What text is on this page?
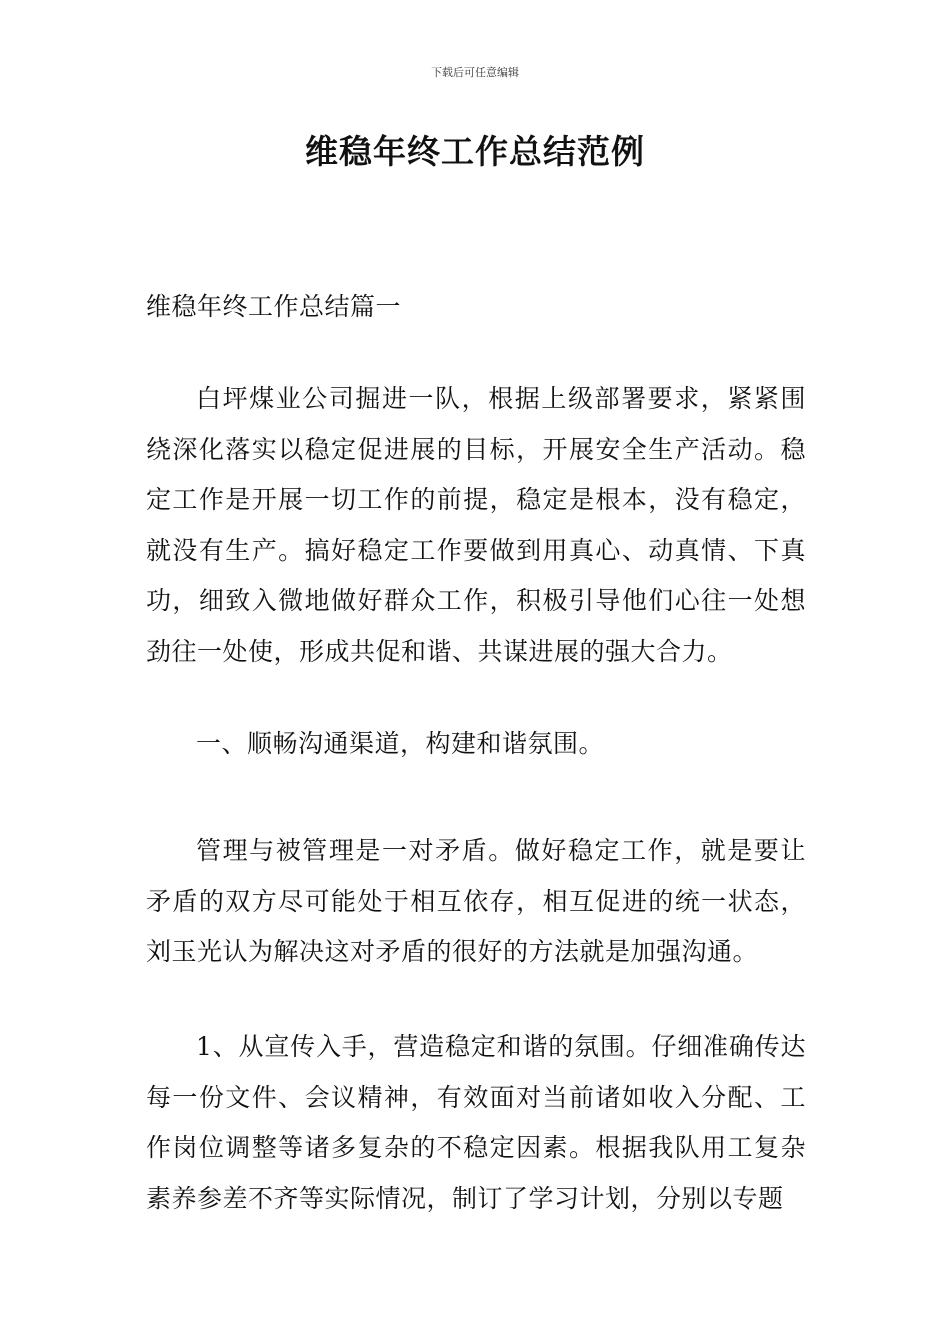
下载后可任意编辑
维稳年终工作总结范例
维稳年终工作总结篇一
白坪煤业公司掘进一队，根据上级部署要求，紧紧围绕深化落实以稳定促进展的目标，开展安全生产活动。稳定工作是开展一切工作的前提，稳定是根本，没有稳定，就没有生产。搞好稳定工作要做到用真心、动真情、下真功，细致入微地做好群众工作，积极引导他们心往一处想劲往一处使，形成共促和谐、共谋进展的强大合力。
一、顺畅沟通渠道，构建和谐氛围。
管理与被管理是一对矛盾。做好稳定工作，就是要让矛盾的双方尽可能处于相互依存，相互促进的统一状态，刘玉光认为解决这对矛盾的很好的方法就是加强沟通。
1、从宣传入手，营造稳定和谐的氛围。仔细准确传达每一份文件、会议精神，有效面对当前诸如收入分配、工作岗位调整等诸多复杂的不稳定因素。根据我队用工复杂素养参差不齐等实际情况，制订了学习计划，分别以专题
